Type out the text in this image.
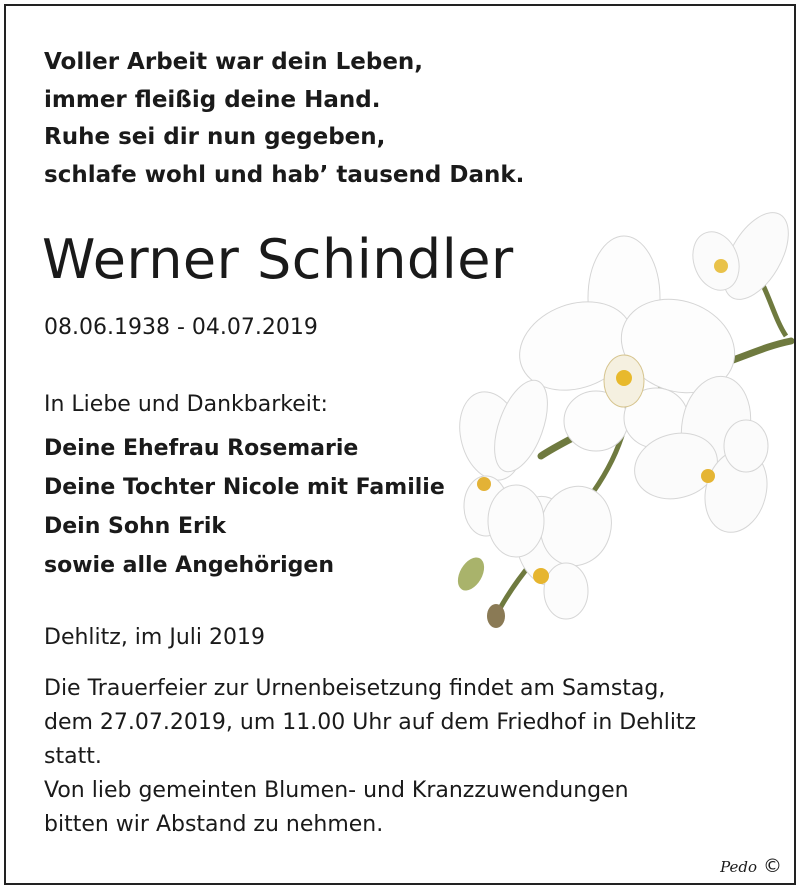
Voller Arbeit war dein Leben,
immer fleißig deine Hand.
Ruhe sei dir nun gegeben,
schlafe wohl und hab’ tausend Dank.
Werner Schindler
08.06.1938 - 04.07.2019
In Liebe und Dankbarkeit:
Deine Ehefrau Rosemarie
Deine Tochter Nicole mit Familie
Dein Sohn Erik
sowie alle Angehörigen
Dehlitz, im Juli 2019
Die Trauerfeier zur Urnenbeisetzung findet am Samstag,
dem 27.07.2019, um 11.00 Uhr auf dem Friedhof in Dehlitz
statt.
Von lieb gemeinten Blumen- und Kranzzuwendungen
bitten wir Abstand zu nehmen.
Pedo ©
